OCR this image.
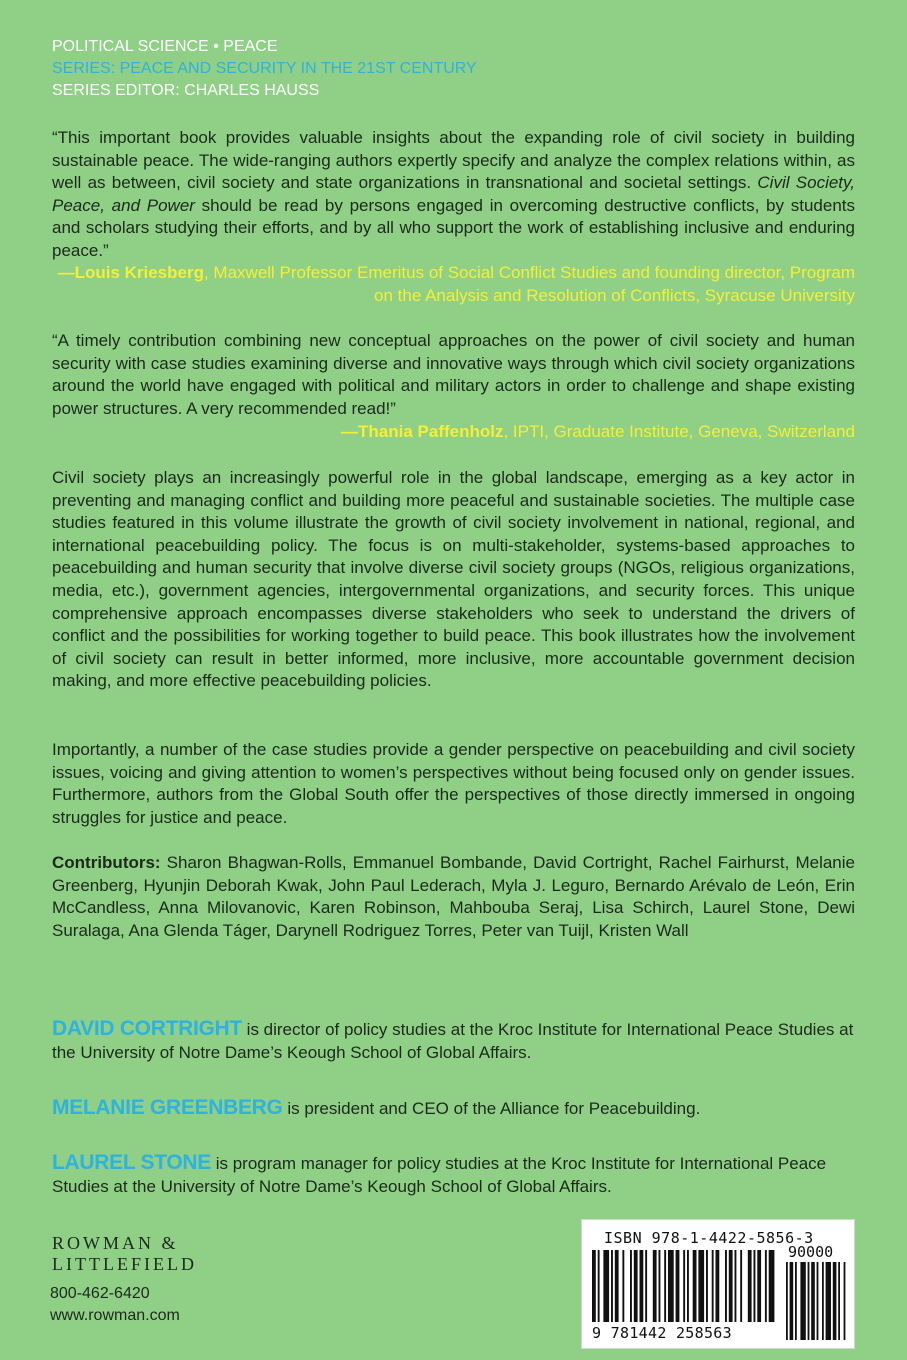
POLITICAL SCIENCE • PEACE
SERIES: PEACE AND SECURITY IN THE 21ST CENTURY
SERIES EDITOR: CHARLES HAUSS

“This important book provides valuable insights about the expanding role of civil society in building sustainable peace. The wide-ranging authors expertly specify and analyze the complex relations within, as well as between, civil society and state organizations in transnational and societal settings. Civil Society, Peace, and Power should be read by persons engaged in overcoming destructive conflicts, by students and scholars studying their efforts, and by all who support the work of establishing inclusive and enduring peace.”

—Louis Kriesberg, Maxwell Professor Emeritus of Social Conflict Studies and founding director, Program on the Analysis and Resolution of Conflicts, Syracuse University

“A timely contribution combining new conceptual approaches on the power of civil society and human security with case studies examining diverse and innovative ways through which civil society organizations around the world have engaged with political and military actors in order to challenge and shape existing power structures. A very recommended read!”

—Thania Paffenholz, IPTI, Graduate Institute, Geneva, Switzerland

Civil society plays an increasingly powerful role in the global landscape, emerging as a key actor in preventing and managing conflict and building more peaceful and sustainable societies. The multiple case studies featured in this volume illustrate the growth of civil society involvement in national, regional, and international peacebuilding policy. The focus is on multi-stakeholder, systems-based approaches to peacebuilding and human security that involve diverse civil society groups (NGOs, religious organizations, media, etc.), government agencies, intergovernmental organizations, and security forces. This unique comprehensive approach encompasses diverse stakeholders who seek to understand the drivers of conflict and the possibilities for working together to build peace. This book illustrates how the involvement of civil society can result in better informed, more inclusive, more accountable government decision making, and more effective peacebuilding policies.

Importantly, a number of the case studies provide a gender perspective on peacebuilding and civil society issues, voicing and giving attention to women’s perspectives without being focused only on gender issues. Furthermore, authors from the Global South offer the perspectives of those directly immersed in ongoing struggles for justice and peace.

Contributors: Sharon Bhagwan-Rolls, Emmanuel Bombande, David Cortright, Rachel Fairhurst, Melanie Greenberg, Hyunjin Deborah Kwak, John Paul Lederach, Myla J. Leguro, Bernardo Arévalo de León, Erin McCandless, Anna Milovanovic, Karen Robinson, Mahbouba Seraj, Lisa Schirch, Laurel Stone, Dewi Suralaga, Ana Glenda Táger, Darynell Rodriguez Torres, Peter van Tuijl, Kristen Wall

DAVID CORTRIGHT is director of policy studies at the Kroc Institute for International Peace Studies at the University of Notre Dame’s Keough School of Global Affairs.

MELANIE GREENBERG is president and CEO of the Alliance for Peacebuilding.

LAUREL STONE is program manager for policy studies at the Kroc Institute for International Peace Studies at the University of Notre Dame’s Keough School of Global Affairs.

ROWMAN &
LITTLEFIELD
800-462-6420
www.rowman.com
ISBN 978-1-4422-5856-3
90000
9 781442 258563
